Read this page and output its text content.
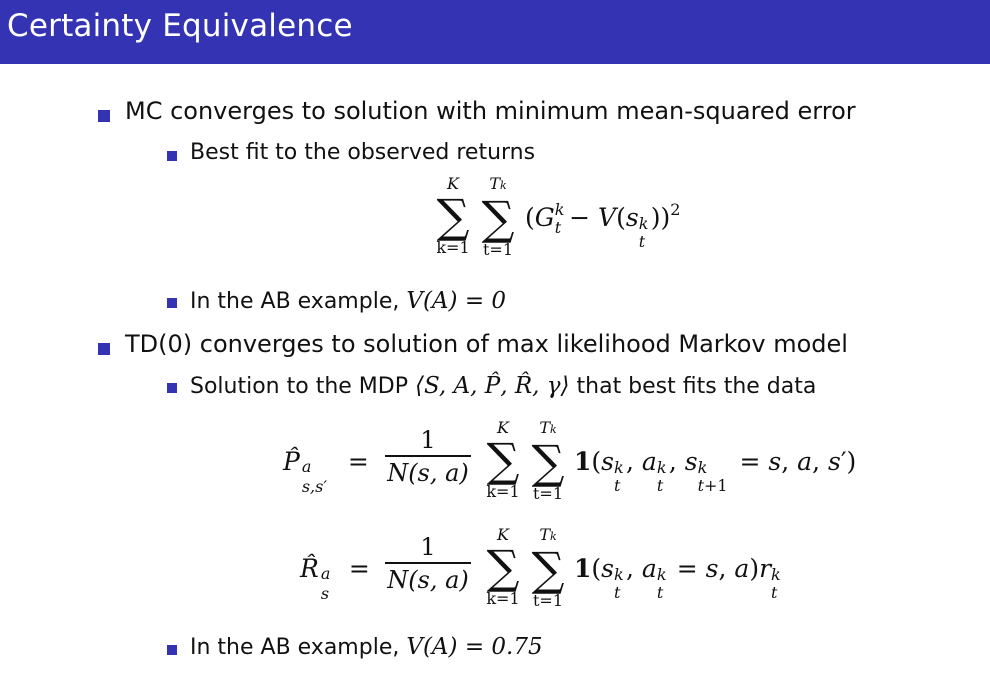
Certainty Equivalence
MC converges to solution with minimum mean-squared error
Best fit to the observed returns
K
∑
k=1
Tk
∑
t=1
(G $_{k t}$ − V(s k
t
))$^2$
In the AB example, V(A) = 0
TD(0) converges to solution of max likelihood Markov model
Solution to the MDP ⟨S, A, P̂, R̂, γ⟩ that best fits the data
P̂ a
s,s′
=
1
N(s, a)
K
∑
k=1
Tk
∑
t=1
1(s k
t
, a k
t
, s k
t+1
= s, a, s′)
R̂ a
s
=
1
N(s, a)
K
∑
k=1
Tk
∑
t=1
1(s k
t
, a k
t
= s, a)r k
t
In the AB example, V(A) = 0.75
